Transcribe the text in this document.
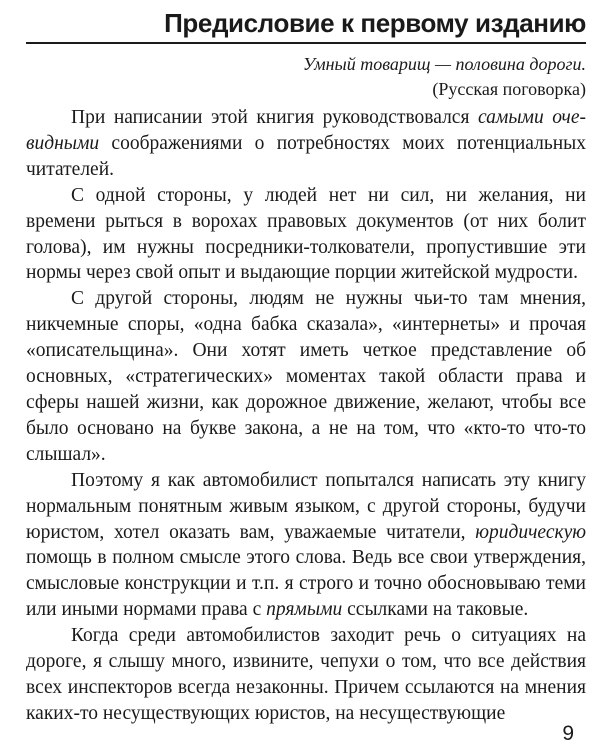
Предисловие к первому изданию
Умный товарищ — половина дороги.
(Русская поговорка)

При написании этой книгия руководствовался самыми очевидными соображениями о потребностях моих потенциальных читателей.

С одной стороны, у людей нет ни сил, ни желания, ни времени рыться в ворохах правовых документов (от них болит голова), им нужны посредники-толкователи, пропустившие эти нормы через свой опыт и выдающие порции житейской мудрости.

С другой стороны, людям не нужны чьи-то там мнения, никчемные споры, «одна бабка сказала», «интернеты» и прочая «описательщина». Они хотят иметь четкое представление об основных, «стратегических» моментах такой области права и сферы нашей жизни, как дорожное движение, желают, чтобы все было основано на букве закона, а не на том, что «кто-то что-то слышал».

Поэтому я как автомобилист попытался написать эту книгу нормальным понятным живым языком, с другой стороны, будучи юристом, хотел оказать вам, уважаемые читатели, юридическую помощь в полном смысле этого слова. Ведь все свои утверждения, смысловые конструкции и т.п. я строго и точно обосновываю теми или иными нормами права с прямыми ссылками на таковые.

Когда среди автомобилистов заходит речь о ситуациях на дороге, я слышу много, извините, чепухи о том, что все действия всех инспекторов всегда незаконны. Причем ссылаются на мнения каких-то несуществующих юристов, на несуществующие

9
